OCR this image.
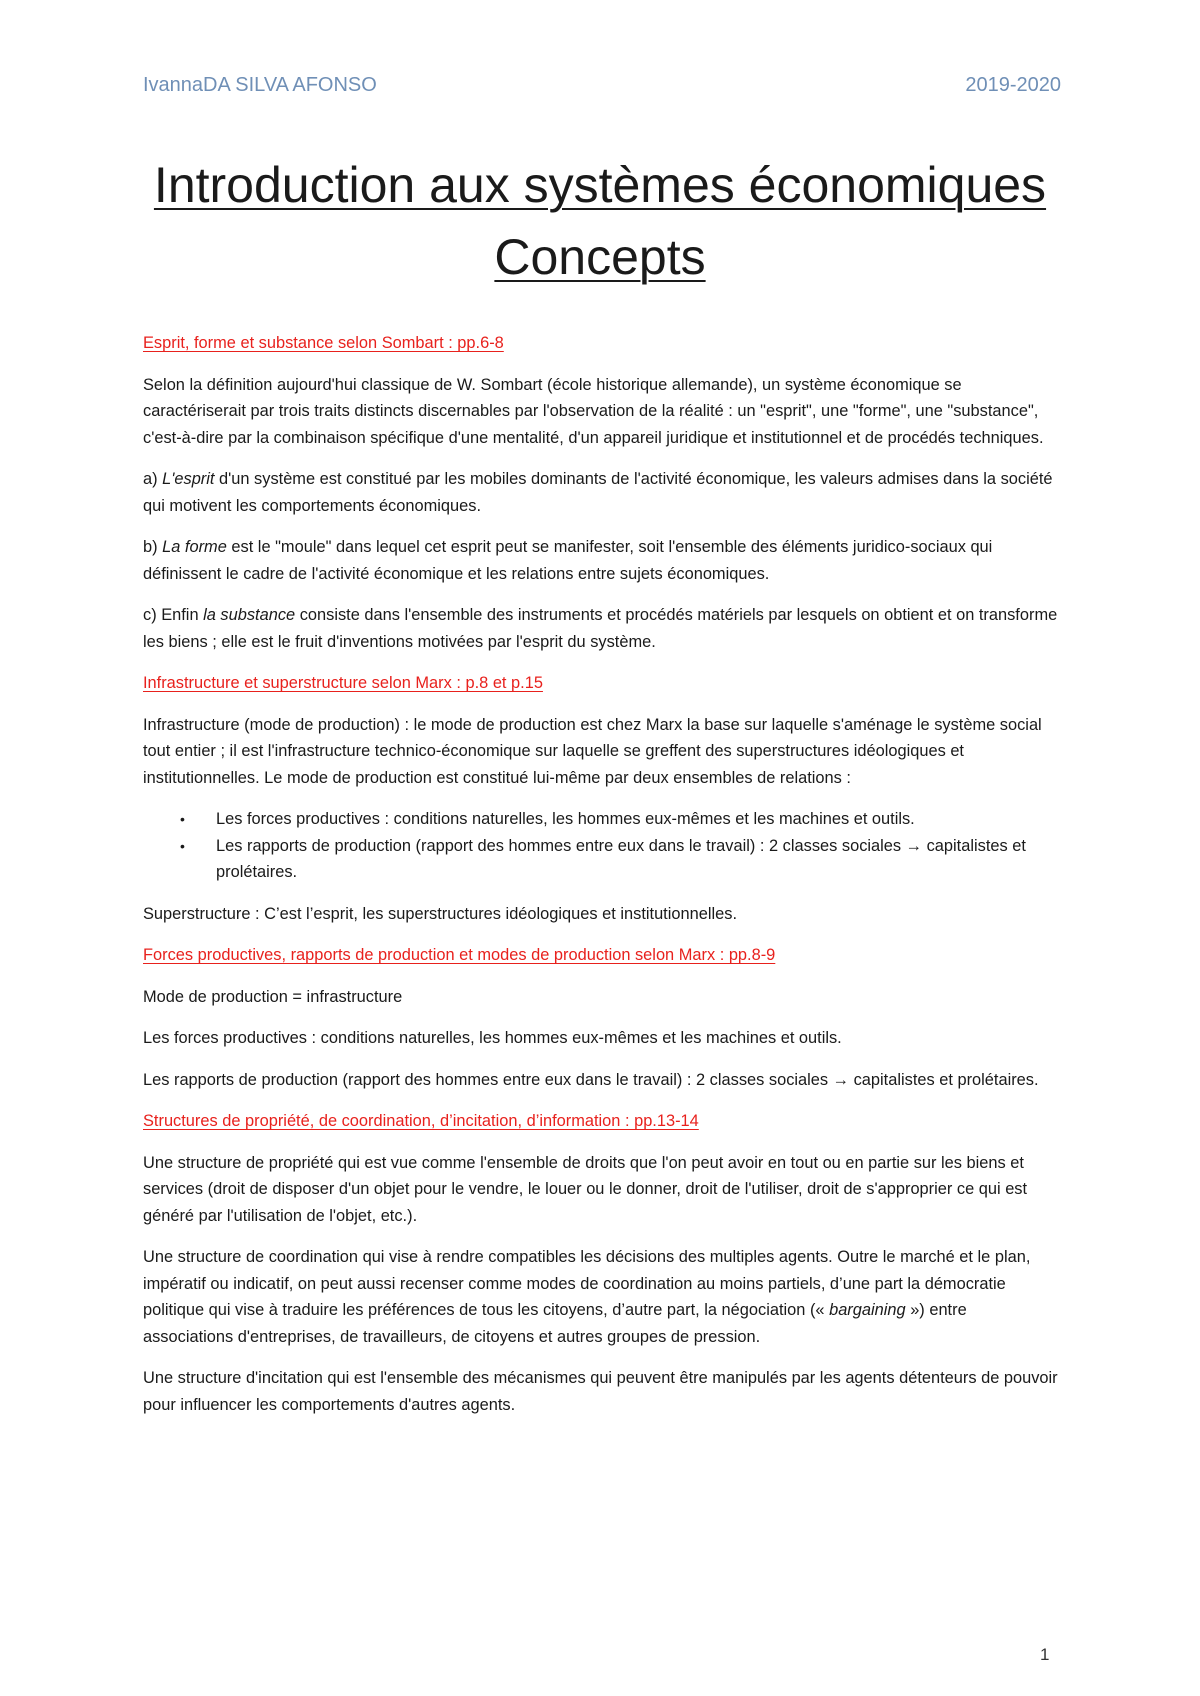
IvannaDA SILVA AFONSO	2019-2020
Introduction aux systèmes économiques
Concepts

Esprit, forme et substance selon Sombart : pp.6-8

Selon la définition aujourd'hui classique de W. Sombart (école historique allemande), un système économique se caractériserait par trois traits distincts discernables par l'observation de la réalité : un "esprit", une "forme", une "substance", c'est-à-dire par la combinaison spécifique d'une mentalité, d'un appareil juridique et institutionnel et de procédés techniques.

a) L'esprit d'un système est constitué par les mobiles dominants de l'activité économique, les valeurs admises dans la société qui motivent les comportements économiques.

b) La forme est le "moule" dans lequel cet esprit peut se manifester, soit l'ensemble des éléments juridico-sociaux qui définissent le cadre de l'activité économique et les relations entre sujets économiques.

c) Enfin la substance consiste dans l'ensemble des instruments et procédés matériels par lesquels on obtient et on transforme les biens ; elle est le fruit d'inventions motivées par l'esprit du système.

Infrastructure et superstructure selon Marx : p.8 et p.15

Infrastructure (mode de production) : le mode de production est chez Marx la base sur laquelle s'aménage le système social tout entier ; il est l'infrastructure technico-économique sur laquelle se greffent des superstructures idéologiques et institutionnelles. Le mode de production est constitué lui-même par deux ensembles de relations :

• Les forces productives : conditions naturelles, les hommes eux-mêmes et les machines et outils.
• Les rapports de production (rapport des hommes entre eux dans le travail) : 2 classes sociales → capitalistes et prolétaires.

Superstructure : C’est l’esprit, les superstructures idéologiques et institutionnelles.

Forces productives, rapports de production et modes de production selon Marx : pp.8-9

Mode de production = infrastructure

Les forces productives : conditions naturelles, les hommes eux-mêmes et les machines et outils.

Les rapports de production (rapport des hommes entre eux dans le travail) : 2 classes sociales → capitalistes et prolétaires.

Structures de propriété, de coordination, d’incitation, d’information : pp.13-14

Une structure de propriété qui est vue comme l'ensemble de droits que l'on peut avoir en tout ou en partie sur les biens et services (droit de disposer d'un objet pour le vendre, le louer ou le donner, droit de l'utiliser, droit de s'approprier ce qui est généré par l'utilisation de l'objet, etc.).

Une structure de coordination qui vise à rendre compatibles les décisions des multiples agents. Outre le marché et le plan, impératif ou indicatif, on peut aussi recenser comme modes de coordination au moins partiels, d’une part la démocratie politique qui vise à traduire les préférences de tous les citoyens, d’autre part, la négociation (« bargaining ») entre associations d'entreprises, de travailleurs, de citoyens et autres groupes de pression.

Une structure d'incitation qui est l'ensemble des mécanismes qui peuvent être manipulés par les agents détenteurs de pouvoir pour influencer les comportements d'autres agents.

1
